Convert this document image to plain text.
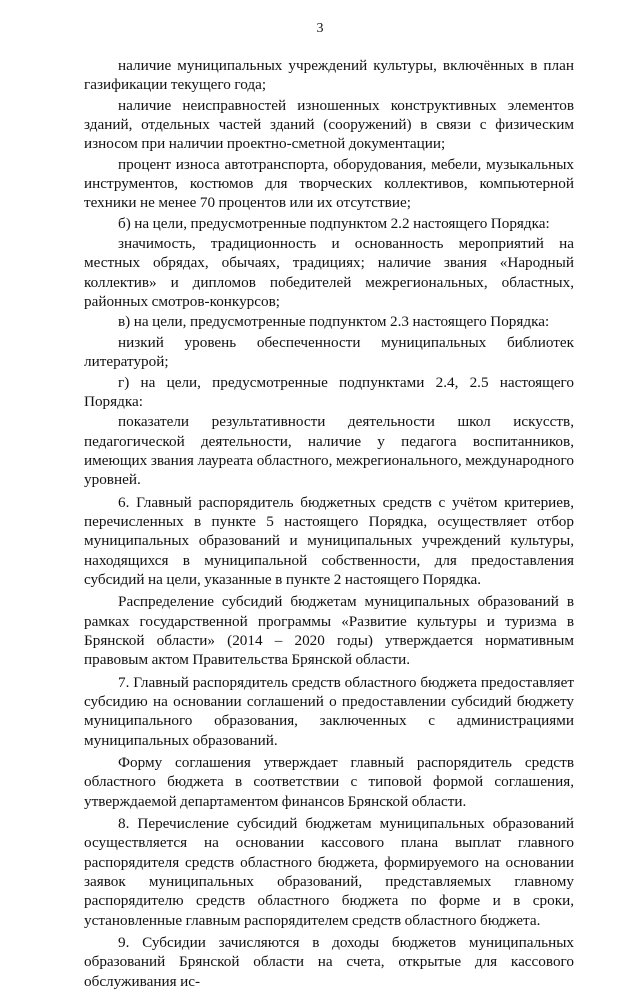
3

наличие муниципальных учреждений культуры, включённых в план газификации текущего года;

наличие неисправностей изношенных конструктивных элементов зданий, отдельных частей зданий (сооружений) в связи с физическим износом при наличии проектно-сметной документации;

процент износа автотранспорта, оборудования, мебели, музыкальных инструментов, костюмов для творческих коллективов, компьютерной техники не менее 70 процентов или их отсутствие;

б) на цели, предусмотренные подпунктом 2.2 настоящего Порядка:

значимость, традиционность и основанность мероприятий на местных обрядах, обычаях, традициях; наличие звания «Народный коллектив» и дипломов победителей межрегиональных, областных, районных смотров-конкурсов;

в) на цели, предусмотренные подпунктом 2.3 настоящего Порядка:

низкий уровень обеспеченности муниципальных библиотек литературой;

г) на цели, предусмотренные подпунктами 2.4, 2.5 настоящего Порядка:

показатели результативности деятельности школ искусств, педагогической деятельности, наличие у педагога воспитанников, имеющих звания лауреата областного, межрегионального, международного уровней.

6. Главный распорядитель бюджетных средств с учётом критериев, перечисленных в пункте 5 настоящего Порядка, осуществляет отбор муниципальных образований и муниципальных учреждений культуры, находящихся в муниципальной собственности, для предоставления субсидий на цели, указанные в пункте 2 настоящего Порядка.

Распределение субсидий бюджетам муниципальных образований в рамках государственной программы «Развитие культуры и туризма в Брянской области» (2014 – 2020 годы) утверждается нормативным правовым актом Правительства Брянской области.

7. Главный распорядитель средств областного бюджета предоставляет субсидию на основании соглашений о предоставлении субсидий бюджету муниципального образования, заключенных с администрациями муниципальных образований.

Форму соглашения утверждает главный распорядитель средств областного бюджета в соответствии с типовой формой соглашения, утверждаемой департаментом финансов Брянской области.

8. Перечисление субсидий бюджетам муниципальных образований осуществляется на основании кассового плана выплат главного распорядителя средств областного бюджета, формируемого на основании заявок муниципальных образований, представляемых главному распорядителю средств областного бюджета по форме и в сроки, установленные главным распорядителем средств областного бюджета.

9. Субсидии зачисляются в доходы бюджетов муниципальных образований Брянской области на счета, открытые для кассового обслуживания ис-
